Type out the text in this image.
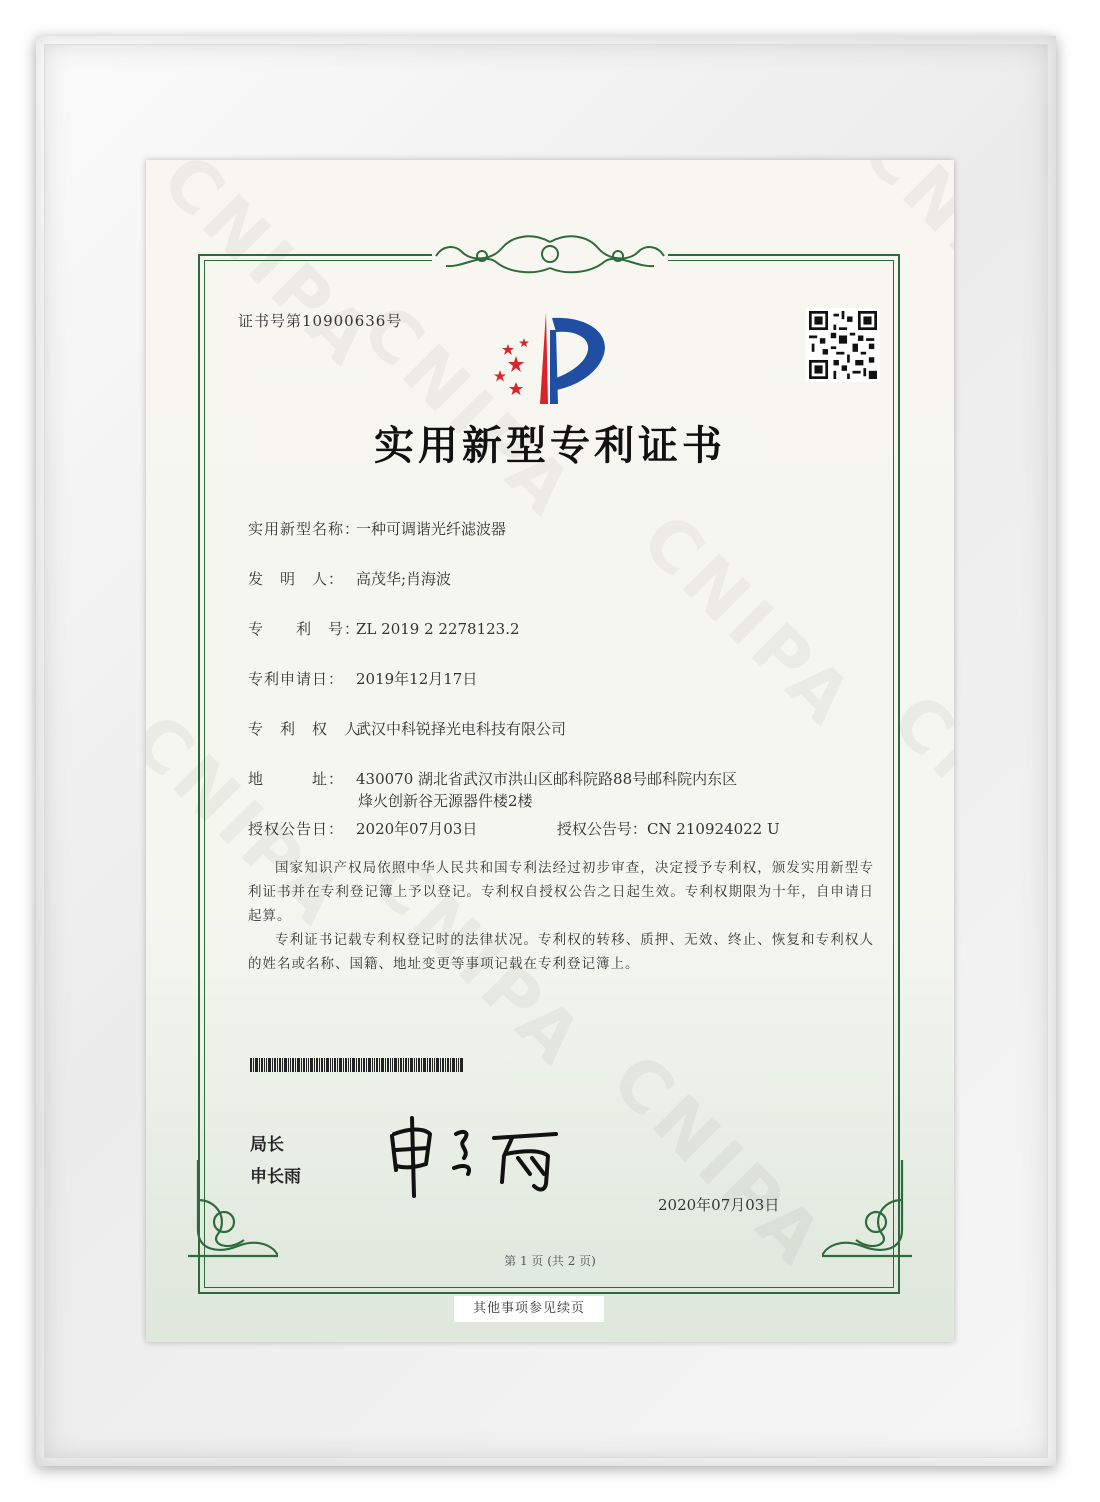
证书号第10900636号
实用新型专利证书
实用新型名称：一种可调谐光纤滤波器
发　明　人： 高茂华;肖海波
专　　利　号：ZL 2019 2 2278123.2
专利申请日： 2019年12月17日
专　利　权　人：武汉中科锐择光电科技有限公司
地　　　址： 430070 湖北省武汉市洪山区邮科院路88号邮科院内东区
烽火创新谷无源器件楼2楼
授权公告日： 2020年07月03日	授权公告号：CN 210924022 U
国家知识产权局依照中华人民共和国专利法经过初步审查，决定授予专利权，颁发实用新型专利证书并在专利登记簿上予以登记。专利权自授权公告之日起生效。专利权期限为十年，自申请日起算。
专利证书记载专利权登记时的法律状况。专利权的转移、质押、无效、终止、恢复和专利权人的姓名或名称、国籍、地址变更等事项记载在专利登记簿上。
局长
申长雨
2020年07月03日
第 1 页 (共 2 页)
其他事项参见续页
